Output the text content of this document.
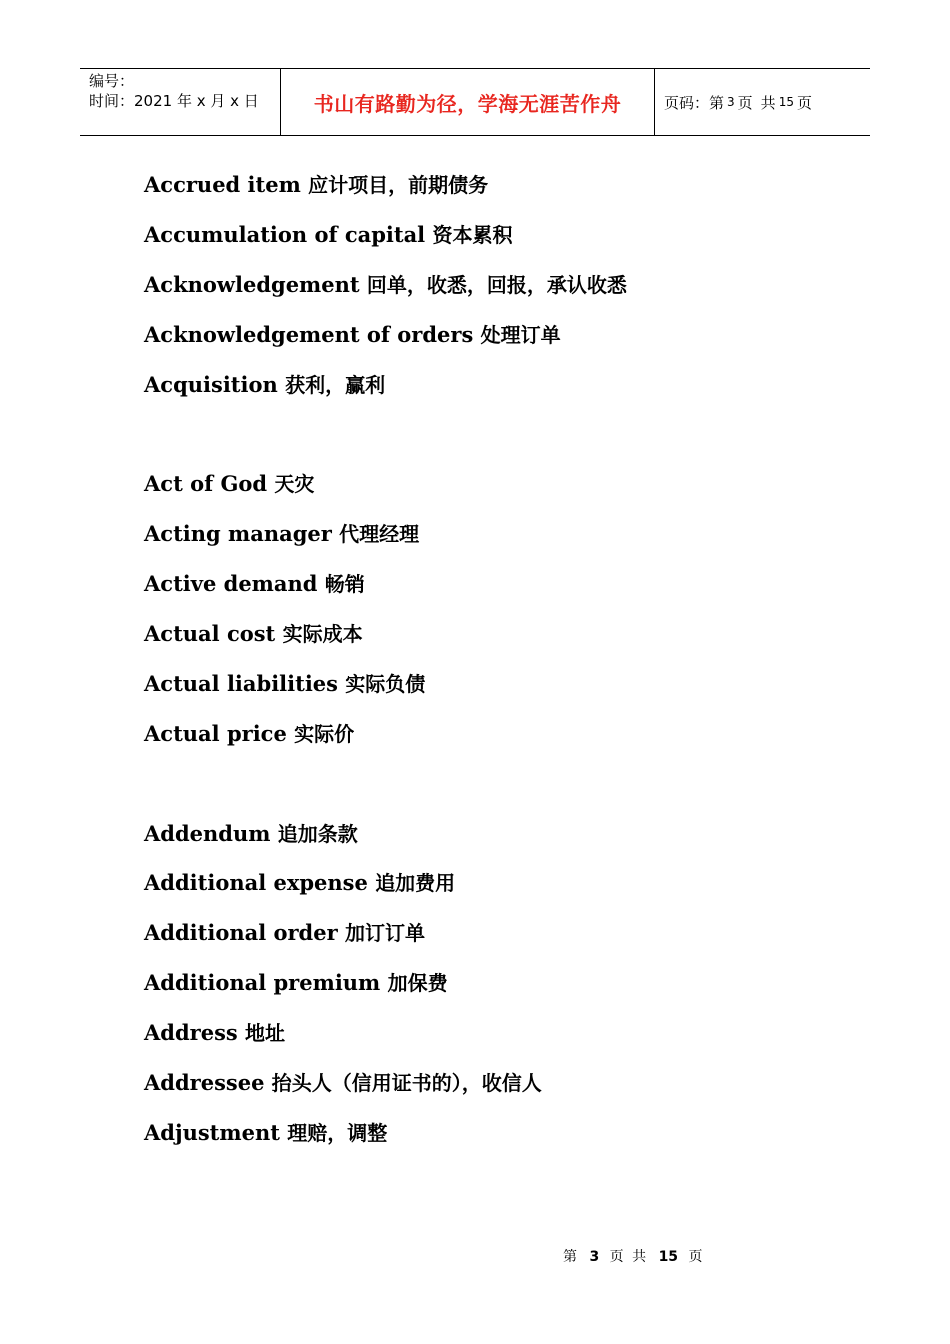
编号：
时间：2021 年 x 月 x 日	书山有路勤为径，学海无涯苦作舟	页码：第 3 页 共 15 页
Accrued item 应计项目，前期债务
Accumulation of capital 资本累积
Acknowledgement 回单，收悉，回报，承认收悉
Acknowledgement of orders 处理订单
Acquisition 获利，赢利
Act of God 天灾
Acting manager 代理经理
Active demand 畅销
Actual cost 实际成本
Actual liabilities 实际负债
Actual price 实际价
Addendum 追加条款
Additional expense 追加费用
Additional order 加订订单
Additional premium 加保费
Address 地址
Addressee 抬头人（信用证书的），收信人
Adjustment 理赔，调整
第 3 页 共 15 页
